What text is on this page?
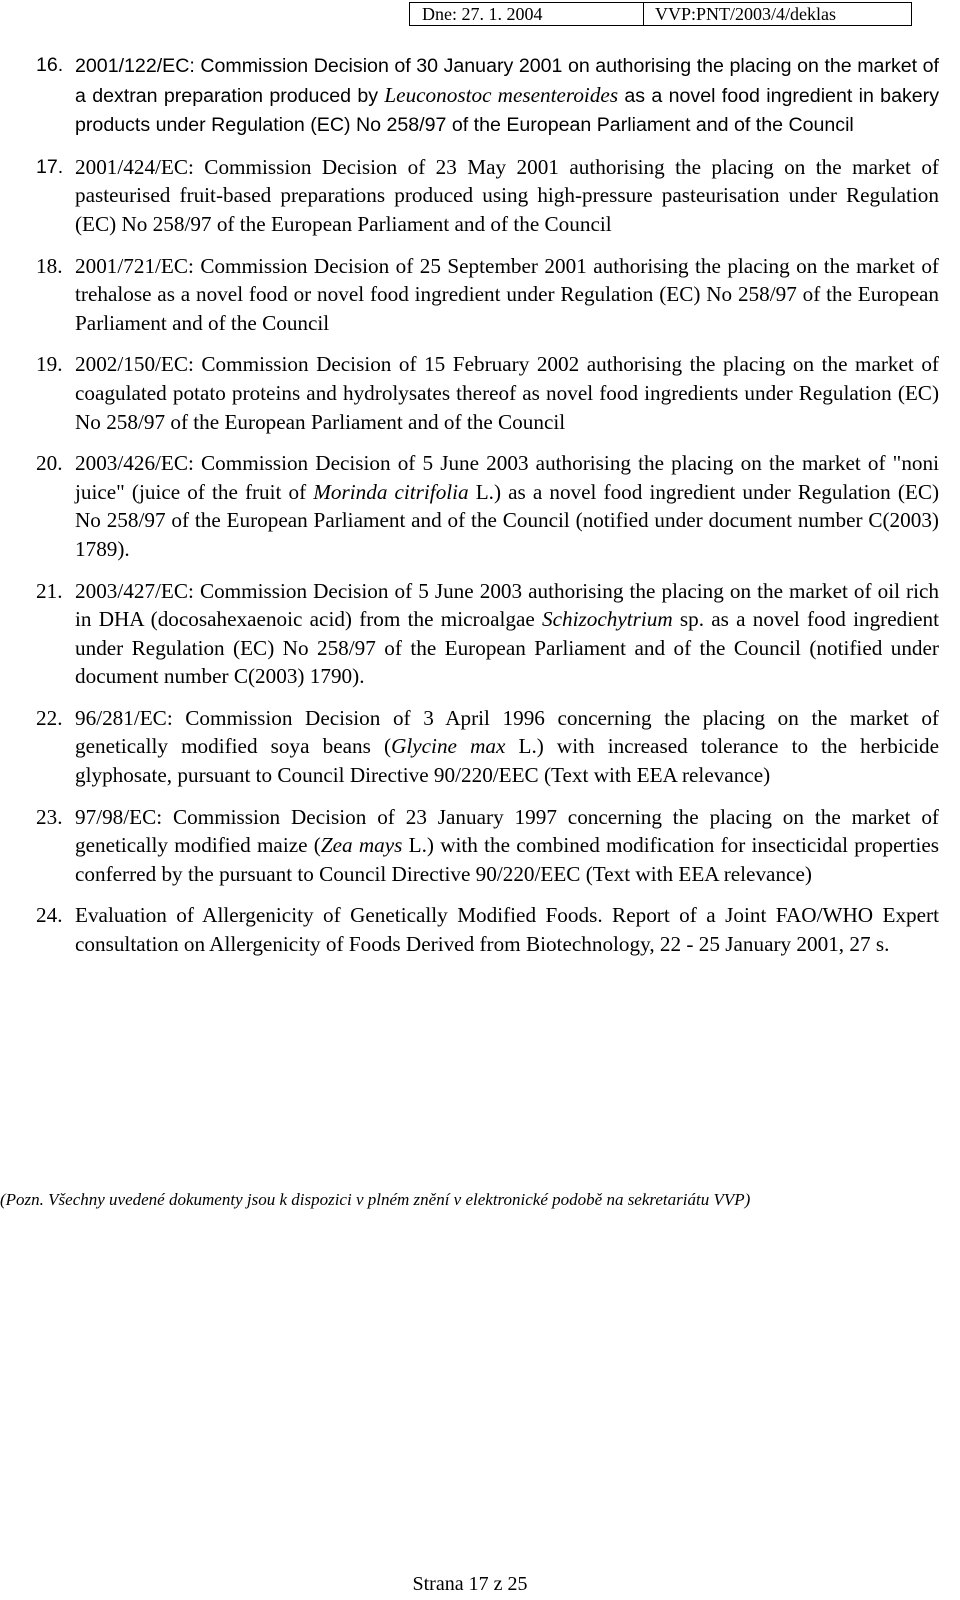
Dne: 27. 1. 2004	VVP:PNT/2003/4/deklas
16. 2001/122/EC: Commission Decision of 30 January 2001 on authorising the placing on the market of a dextran preparation produced by Leuconostoc mesenteroides as a novel food ingredient in bakery products under Regulation (EC) No 258/97 of the European Parliament and of the Council
17. 2001/424/EC: Commission Decision of 23 May 2001 authorising the placing on the market of pasteurised fruit-based preparations produced using high-pressure pasteurisation under Regulation (EC) No 258/97 of the European Parliament and of the Council
18. 2001/721/EC: Commission Decision of 25 September 2001 authorising the placing on the market of trehalose as a novel food or novel food ingredient under Regulation (EC) No 258/97 of the European Parliament and of the Council
19. 2002/150/EC: Commission Decision of 15 February 2002 authorising the placing on the market of coagulated potato proteins and hydrolysates thereof as novel food ingredients under Regulation (EC) No 258/97 of the European Parliament and of the Council
20. 2003/426/EC: Commission Decision of 5 June 2003 authorising the placing on the market of "noni juice" (juice of the fruit of Morinda citrifolia L.) as a novel food ingredient under Regulation (EC) No 258/97 of the European Parliament and of the Council (notified under document number C(2003) 1789).
21. 2003/427/EC: Commission Decision of 5 June 2003 authorising the placing on the market of oil rich in DHA (docosahexaenoic acid) from the microalgae Schizochytrium sp. as a novel food ingredient under Regulation (EC) No 258/97 of the European Parliament and of the Council (notified under document number C(2003) 1790).
22. 96/281/EC: Commission Decision of 3 April 1996 concerning the placing on the market of genetically modified soya beans (Glycine max L.) with increased tolerance to the herbicide glyphosate, pursuant to Council Directive 90/220/EEC (Text with EEA relevance)
23. 97/98/EC: Commission Decision of 23 January 1997 concerning the placing on the market of genetically modified maize (Zea mays L.) with the combined modification for insecticidal properties conferred by the pursuant to Council Directive 90/220/EEC (Text with EEA relevance)
24. Evaluation of Allergenicity of Genetically Modified Foods. Report of a Joint FAO/WHO Expert consultation on Allergenicity of Foods Derived from Biotechnology, 22 - 25 January 2001, 27 s.
(Pozn. Všechny uvedené dokumenty jsou k dispozici v plném znění v elektronické podobě na sekretariátu VVP)
Strana 17 z 25
